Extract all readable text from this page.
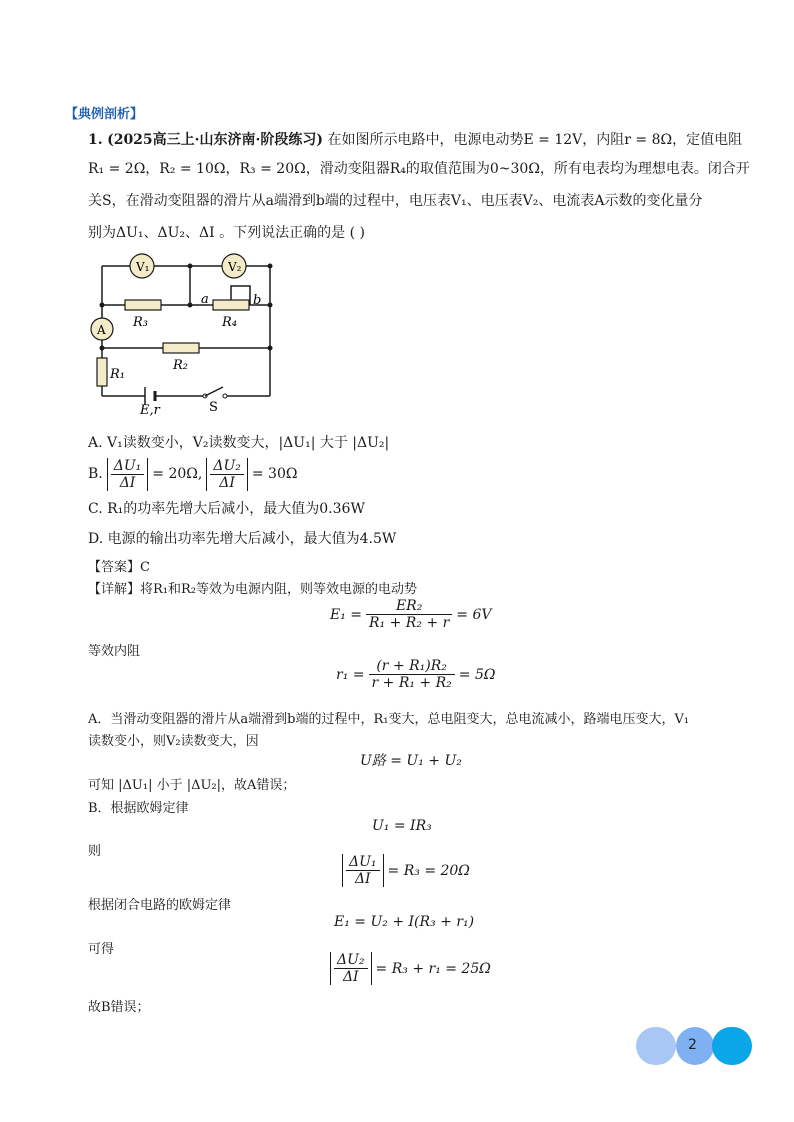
【典例剖析】
1. (2025高三上·山东济南·阶段练习) 在如图所示电路中，电源电动势E = 12V，内阻r = 8Ω，定值电阻
R₁ = 2Ω，R₂ = 10Ω，R₃ = 20Ω，滑动变阻器R₄的取值范围为0~30Ω，所有电表均为理想电表。闭合开
关S，在滑动变阻器的滑片从a端滑到b端的过程中，电压表V₁、电压表V₂、电流表A示数的变化量分
别为ΔU₁、ΔU₂、ΔI 。下列说法正确的是 ( )
V₁	V₂
A R₃	R₄
R₂
R₁
a	b
E,r	S
A. V₁读数变小，V₂读数变大，|ΔU₁| 大于 |ΔU₂|
B. $\frac{\text{ΔU₁}}{\Delta I} = 20\Omega$, $\frac{\text{ΔU₂}}{\Delta I} = 30\Omega$
C. R₁的功率先增大后减小，最大值为0.36W
D. 电源的输出功率先增大后减小，最大值为4.5W
【答案】C
【详解】将R₁和R₂等效为电源内阻，则等效电源的电动势
$E_1 = \frac{\text{ER₂}}{\text{R₁ + R₂ + r}} = 6V$
等效内阻
$r_1 = \frac{\text{(r + R₁)R₂}}{\text{r + R₁ + R₂}} = 5\Omega$
A．当滑动变阻器的滑片从a端滑到b端的过程中，R₁变大，总电阻变大，总电流减小，路端电压变大，V₁
读数变小，则V₂读数变大，因
U路 = U₁ + U₂
可知 |ΔU₁| 小于 |ΔU₂|，故A错误；
B．根据欧姆定律
U₁ = IR₃
则
$\frac{\text{ΔU₁}}{\Delta I} = R_3 = 20\Omega$
根据闭合电路的欧姆定律
E₁ = U₂ + I(R₃ + r₁)
可得
$\frac{\text{ΔU₂}}{\Delta I} = R_3 + r_1 = 25\Omega$
故B错误；
2
